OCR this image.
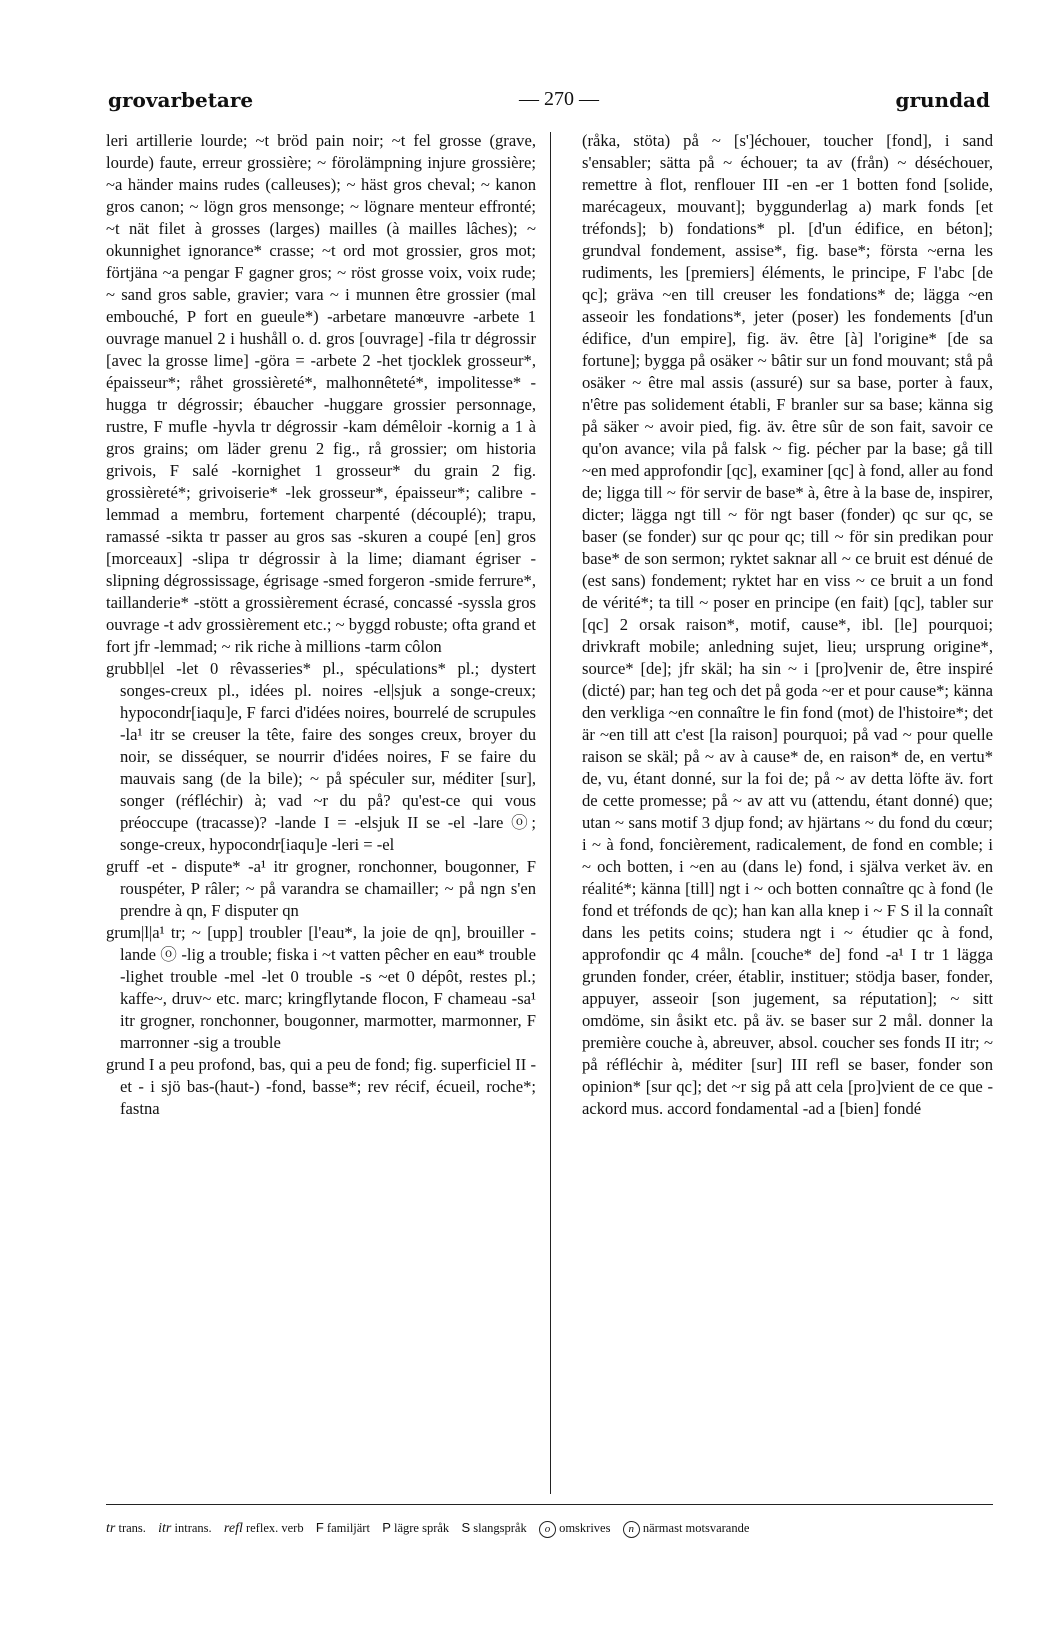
grovarbetare	— 270 —	grundad

leri artillerie lourde; ~t bröd pain noir; ~t fel grosse (grave, lourde) faute, erreur grossière; ~ förolämpning injure grossière; ~a händer mains rudes (calleuses); ~ häst gros cheval; ~ kanon gros canon; ~ lögn gros mensonge; ~ lögnare menteur effronté; ~t nät filet à grosses (larges) mailles (à mailles lâches); ~ okunnighet ignorance* crasse; ~t ord mot grossier, gros mot; förtjäna ~a pengar F gagner gros; ~ röst grosse voix, voix rude; ~ sand gros sable, gravier; vara ~ i munnen être grossier (mal embouché, P fort en gueule*) -arbetare manœuvre -arbete 1 ouvrage manuel 2 i hushåll o. d. gros [ouvrage] -fila tr dégrossir [avec la grosse lime] -göra = -arbete 2 -het tjocklek grosseur*, épaisseur*; råhet grossièreté*, malhonnêteté*, impolitesse* -hugga tr dégrossir; ébaucher -huggare grossier personnage, rustre, F mufle -hyvla tr dégrossir -kam démêloir -kornig a 1 à gros grains; om läder grenu 2 fig., rå grossier; om historia grivois, F salé -kornighet 1 grosseur* du grain 2 fig. grossièreté*; grivoiserie* -lek grosseur*, épaisseur*; calibre -lemmad a membru, fortement charpenté (découplé); trapu, ramassé -sikta tr passer au gros sas -skuren a coupé [en] gros [morceaux] -slipa tr dégrossir à la lime; diamant égriser -slipning dégrossissage, égrisage -smed forgeron -smide ferrure*, taillanderie* -stött a grossièrement écrasé, concassé -syssla gros ouvrage -t adv grossièrement etc.; ~ byggd robuste; ofta grand et fort jfr -lemmad; ~ rik riche à millions -tarm côlon

grubbl|el -let 0 rêvasseries* pl., spéculations* pl.; dystert songes-creux pl., idées pl. noires -el|sjuk a songe-creux; hypocondr[iaqu]e, F farci d'idées noires, bourrelé de scrupules -la¹ itr se creuser la tête, faire des songes creux, broyer du noir, se disséquer, se nourrir d'idées noires, F se faire du mauvais sang (de la bile); ~ på spéculer sur, méditer [sur], songer (réfléchir) à; vad ~r du på? qu'est-ce qui vous préoccupe (tracasse)? -lande I = -elsjuk II se -el -lare ⓞ; songe-creux, hypocondr[iaqu]e -leri = -el

gruff -et - dispute* -a¹ itr grogner, ronchonner, bougonner, F rouspéter, P râler; ~ på varandra se chamailler; ~ på ngn s'en prendre à qn, F disputer qn

grum|l|a¹ tr; ~ [upp] troubler [l'eau*, la joie de qn], brouiller -lande ⓞ -lig a trouble; fiska i ~t vatten pêcher en eau* trouble -lighet trouble -mel -let 0 trouble -s ~et 0 dépôt, restes pl.; kaffe~, druv~ etc. marc; kringflytande flocon, F chameau -sa¹ itr grogner, ronchonner, bougonner, marmotter, marmonner, F marronner -sig a trouble

grund I a peu profond, bas, qui a peu de fond; fig. superficiel II -et - i sjö bas-(haut-) -fond, basse*; rev récif, écueil, roche*; fastna

(råka, stöta) på ~ [s']échouer, toucher [fond], i sand s'ensabler; sätta på ~ échouer; ta av (från) ~ déséchouer, remettre à flot, renflouer III -en -er 1 botten fond [solide, marécageux, mouvant]; byggunderlag a) mark fonds [et tréfonds]; b) fondations* pl. [d'un édifice, en béton]; grundval fondement, assise*, fig. base*; första ~erna les rudiments, les [premiers] éléments, le principe, F l'abc [de qc]; gräva ~en till creuser les fondations* de; lägga ~en asseoir les fondations*, jeter (poser) les fondements [d'un édifice, d'un empire], fig. äv. être [à] l'origine* [de sa fortune]; bygga på osäker ~ bâtir sur un fond mouvant; stå på osäker ~ être mal assis (assuré) sur sa base, porter à faux, n'être pas solidement établi, F branler sur sa base; känna sig på säker ~ avoir pied, fig. äv. être sûr de son fait, savoir ce qu'on avance; vila på falsk ~ fig. pécher par la base; gå till ~en med approfondir [qc], examiner [qc] à fond, aller au fond de; ligga till ~ för servir de base* à, être à la base de, inspirer, dicter; lägga ngt till ~ för ngt baser (fonder) qc sur qc, se baser (se fonder) sur qc pour qc; till ~ för sin predikan pour base* de son sermon; ryktet saknar all ~ ce bruit est dénué de (est sans) fondement; ryktet har en viss ~ ce bruit a un fond de vérité*; ta till ~ poser en principe (en fait) [qc], tabler sur [qc] 2 orsak raison*, motif, cause*, ibl. [le] pourquoi; drivkraft mobile; anledning sujet, lieu; ursprung origine*, source* [de]; jfr skäl; ha sin ~ i [pro]venir de, être inspiré (dicté) par; han teg och det på goda ~er et pour cause*; känna den verkliga ~en connaître le fin fond (mot) de l'histoire*; det är ~en till att c'est [la raison] pourquoi; på vad ~ pour quelle raison se skäl; på ~ av à cause* de, en raison* de, en vertu* de, vu, étant donné, sur la foi de; på ~ av detta löfte äv. fort de cette promesse; på ~ av att vu (attendu, étant donné) que; utan ~ sans motif 3 djup fond; av hjärtans ~ du fond du cœur; i ~ à fond, foncièrement, radicalement, de fond en comble; i ~ och botten, i ~en au (dans le) fond, i själva verket äv. en réalité*; känna [till] ngt i ~ och botten connaître qc à fond (le fond et tréfonds de qc); han kan alla knep i ~ F S il la connaît dans les petits coins; studera ngt i ~ étudier qc à fond, approfondir qc 4 måln. [couche* de] fond -a¹ I tr 1 lägga grunden fonder, créer, établir, instituer; stödja baser, fonder, appuyer, asseoir [son jugement, sa réputation]; ~ sitt omdöme, sin åsikt etc. på äv. se baser sur 2 mål. donner la première couche à, abreuver, absol. coucher ses fonds II itr; ~ på réfléchir à, méditer [sur] III refl se baser, fonder son opinion* [sur qc]; det ~r sig på att cela [pro]vient de ce que -ackord mus. accord fondamental -ad a [bien] fondé

tr trans. itr intrans. refl reflex. verb F familjärt P lägre språk S slangspråk o omskrives n närmast motsvarande
